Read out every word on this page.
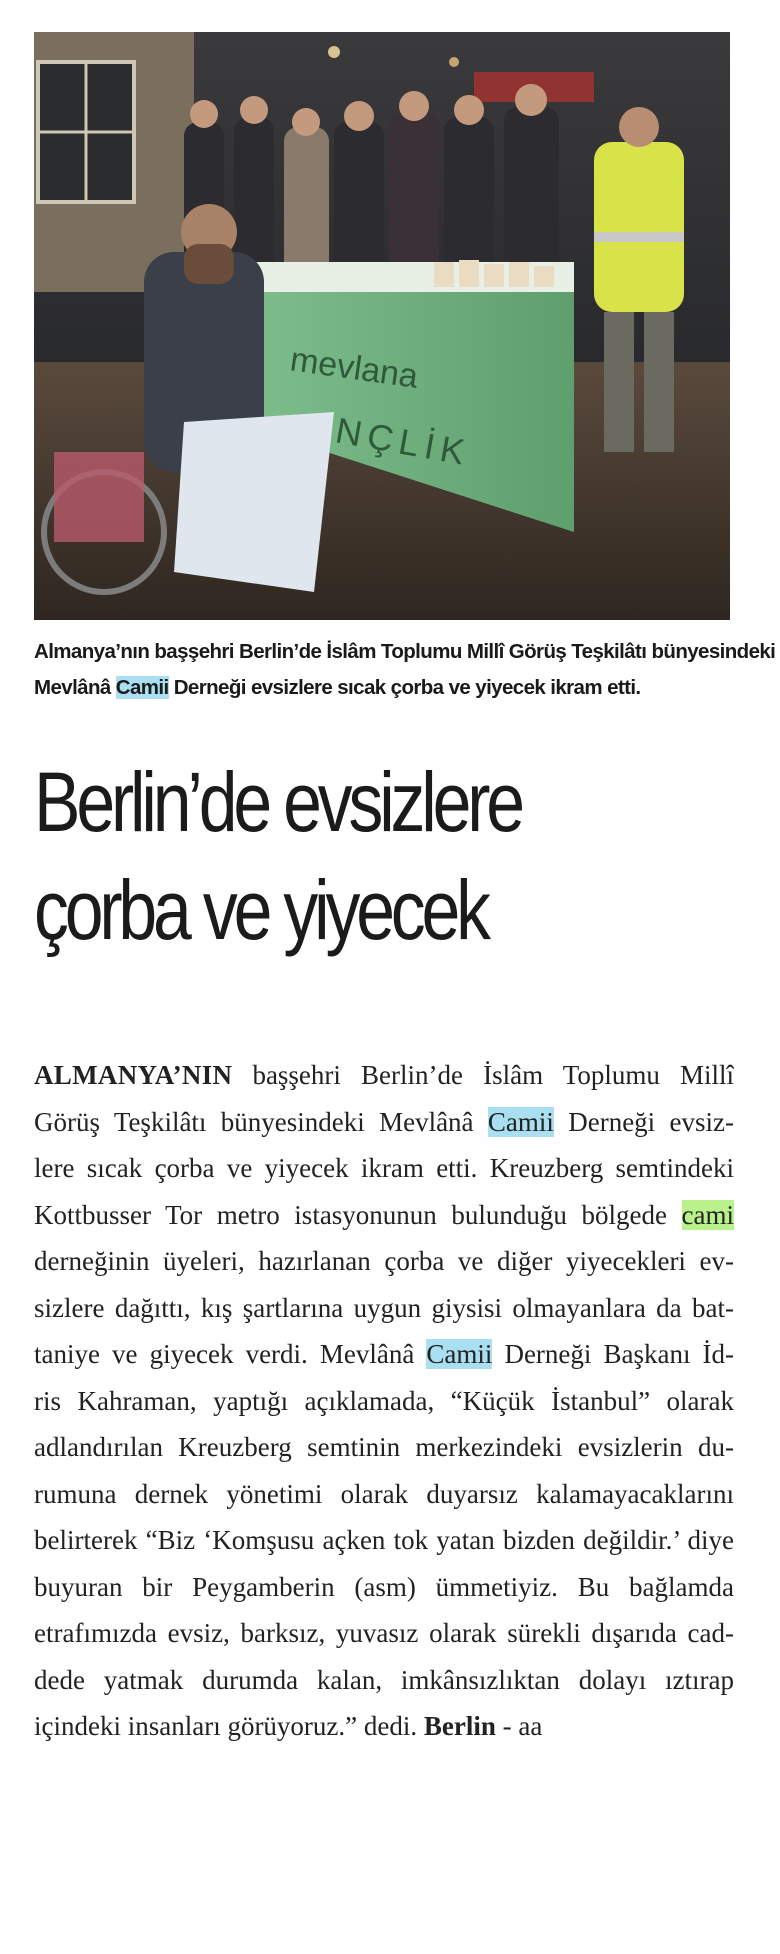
mevlana
NÇLİK
Almanya’nın başşehri Berlin’de İslâm Toplumu Millî Görüş Teşkilâtı bünyesindeki
Mevlânâ Camii Derneği evsizlere sıcak çorba ve yiyecek ikram etti.
Berlin’de evsizlere
çorba ve yiyecek
ALMANYA’NIN başşehri Berlin’de İslâm Toplumu Millî
Görüş Teşkilâtı bünyesindeki Mevlânâ Camii Derneği evsiz-
lere sıcak çorba ve yiyecek ikram etti. Kreuzberg semtindeki
Kottbusser Tor metro istasyonunun bulunduğu bölgede cami
derneğinin üyeleri, hazırlanan çorba ve diğer yiyecekleri ev-
sizlere dağıttı, kış şartlarına uygun giysisi olmayanlara da bat-
taniye ve giyecek verdi. Mevlânâ Camii Derneği Başkanı İd-
ris Kahraman, yaptığı açıklamada, “Küçük İstanbul” olarak
adlandırılan Kreuzberg semtinin merkezindeki evsizlerin du-
rumuna dernek yönetimi olarak duyarsız kalamayacaklarını
belirterek “Biz ‘Komşusu açken tok yatan bizden değildir.’ diye
buyuran bir Peygamberin (asm) ümmetiyiz. Bu bağlamda
etrafımızda evsiz, barksız, yuvasız olarak sürekli dışarıda cad-
dede yatmak durumda kalan, imkânsızlıktan dolayı ıztırap
içindeki insanları görüyoruz.” dedi. Berlin - aa
